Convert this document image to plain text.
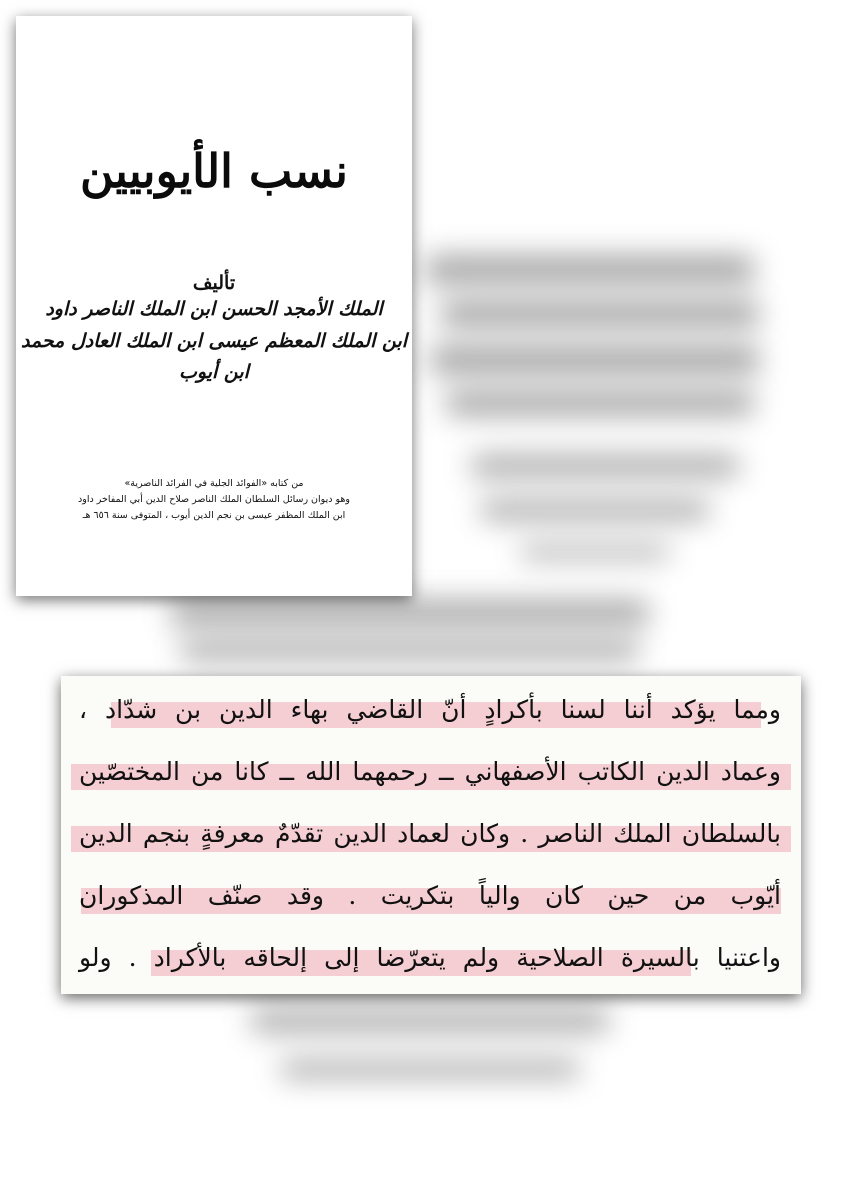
نسب الأيوبيين
تأليف
الملك الأمجد الحسن ابن الملك الناصر داود
ابن الملك المعظم عيسى ابن الملك العادل محمد
ابن أيوب
من كتابه «الفوائد الجلية في الفرائد الناصرية»
وهو ديوان رسائل السلطان الملك الناصر صلاح الدين أبي المفاخر داود
ابن الملك المظفر عيسى بن نجم الدين أيوب ، المتوفى سنة ٦٥٦ هـ
ومما يؤكد أننا لسنا بأكرادٍ أنّ القاضي بهاء الدين بن شدّاد ،
وعماد الدين الكاتب الأصفهاني ــ رحمهما الله ــ كانا من المختصّين
بالسلطان الملك الناصر . وكان لعماد الدين تقدّمٌ معرفةٍ بنجم الدين
أيّوب من حين كان والياً بتكريت . وقد صنّف المذكوران
واعتنيا بالسيرة الصلاحية ولم يتعرّضا إلى إلحاقه بالأكراد . ولو
